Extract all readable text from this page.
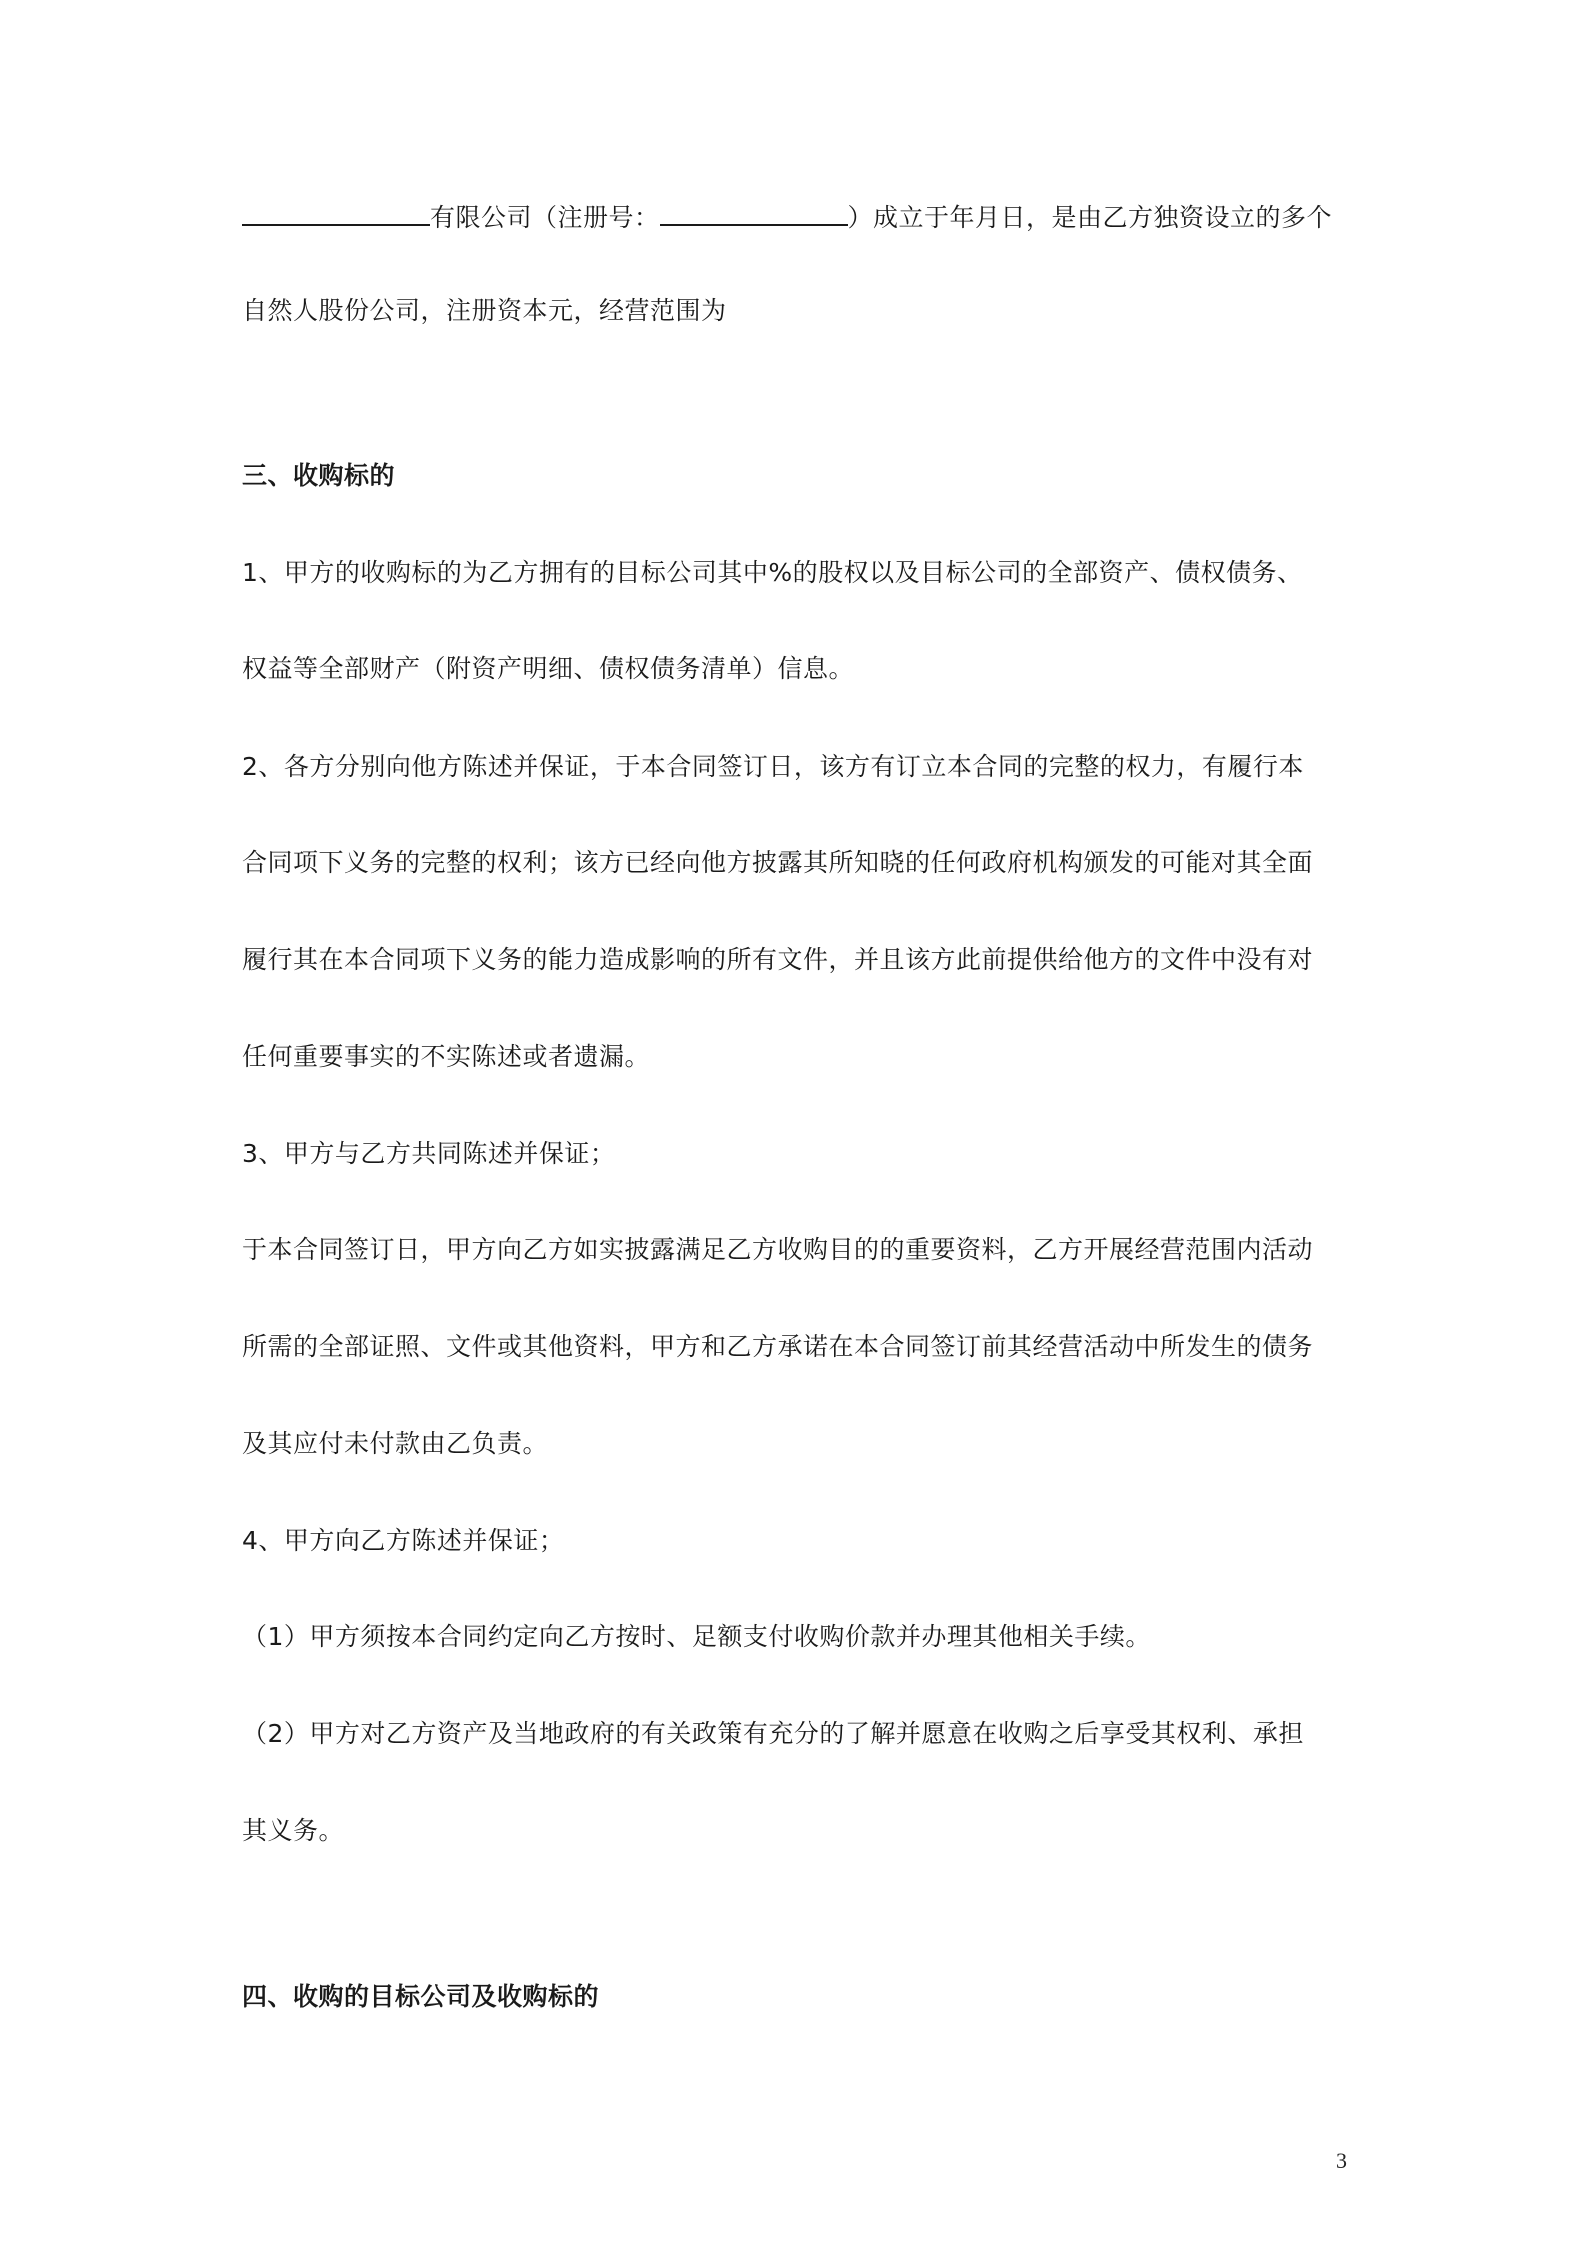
有限公司（注册号：	）成立于年月日，是由乙方独资设立的多个
自然人股份公司，注册资本元，经营范围为
三、收购标的
1、甲方的收购标的为乙方拥有的目标公司其中%的股权以及目标公司的全部资产、债权债务、
权益等全部财产（附资产明细、债权债务清单）信息。
2、各方分别向他方陈述并保证，于本合同签订日，该方有订立本合同的完整的权力，有履行本
合同项下义务的完整的权利；该方已经向他方披露其所知晓的任何政府机构颁发的可能对其全面
履行其在本合同项下义务的能力造成影响的所有文件，并且该方此前提供给他方的文件中没有对
任何重要事实的不实陈述或者遗漏。
3、甲方与乙方共同陈述并保证；
于本合同签订日，甲方向乙方如实披露满足乙方收购目的的重要资料，乙方开展经营范围内活动
所需的全部证照、文件或其他资料，甲方和乙方承诺在本合同签订前其经营活动中所发生的债务
及其应付未付款由乙负责。
4、甲方向乙方陈述并保证；
（1）甲方须按本合同约定向乙方按时、足额支付收购价款并办理其他相关手续。
（2）甲方对乙方资产及当地政府的有关政策有充分的了解并愿意在收购之后享受其权利、承担
其义务。
四、收购的目标公司及收购标的
3
